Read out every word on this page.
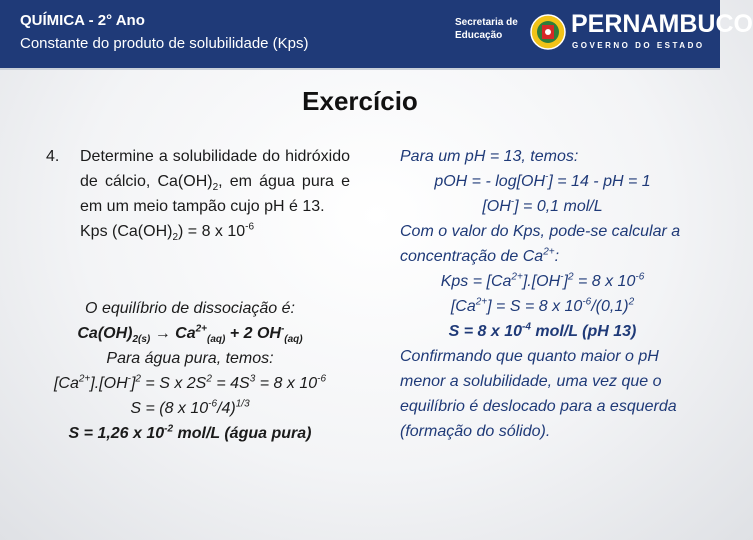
QUÍMICA - 2° Ano
Constante do produto de solubilidade (Kps)
Secretaria de Educação	PERNAMBUCO
GOVERNO DO ESTADO
Exercício
4. Determine a solubilidade do hidróxido de cálcio, $Ca(OH)_2$, em água pura e em um meio tampão cujo pH é 13.
Kps $(Ca(OH)_2) = 8$ x $10^{-6}$
O equilíbrio de dissociação é:
$Ca(OH)_{2(s)} \to Ca^{2+}_{(aq)} + 2$ $OH^-_{(aq)}$
Para água pura, temos:
$[Ca^{2+}].[OH^-]^2 = S$ x $2S^2 = 4S^3 = 8$ x $10^{-6}$
S = (8 x $10^{-6}/4)^{1/3}$
S = 1,26 x $10^{-2}$ mol/L (água pura)
Para um pH = 13, temos:
pOH = - log[OH-] = 14 - pH = 1
[OH-] = 0,1 mol/L
Com o valor do Kps, pode-se calcular a concentração de $Ca^{2+}$:
Kps = $[Ca^{2+}].[OH^-]^2 = 8$ x $10^{-6}$
$[Ca^{2+}] = S = 8$ x $10^{-6}/(0,1)^2$
S = 8 x $10^{-4}$ mol/L (pH 13)
Confirmando que quanto maior o pH menor a solubilidade, uma vez que o equilíbrio é deslocado para a esquerda (formação do sólido).
